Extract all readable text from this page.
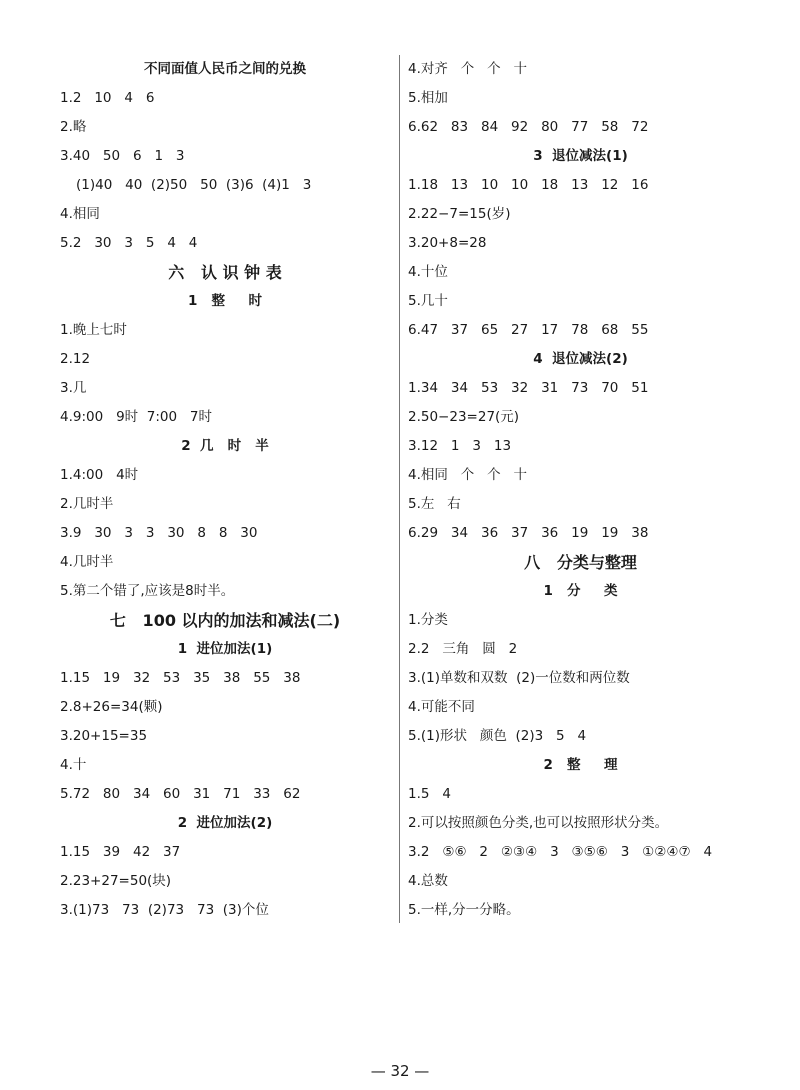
不同面值人民币之间的兑换
1.2   10   4   6
2.略
3.40   50   6   1   3
(1)40   40  (2)50   50  (3)6  (4)1   3
4.相同
5.2   30   3   5   4   4
六   认 识 钟 表
1   整     时
1.晚上七时
2.12
3.几
4.9:00   9时  7:00   7时
2  几   时   半
1.4:00   4时
2.几时半
3.9   30   3   3   30   8   8   30
4.几时半
5.第二个错了,应该是8时半。
七   100 以内的加法和减法(二)
1  进位加法(1)
1.15   19   32   53   35   38   55   38
2.8+26=34(颗)
3.20+15=35
4.十
5.72   80   34   60   31   71   33   62
2  进位加法(2)
1.15   39   42   37
2.23+27=50(块)
3.(1)73   73  (2)73   73  (3)个位
4.对齐   个   个   十
5.相加
6.62   83   84   92   80   77   58   72
3  退位减法(1)
1.18   13   10   10   18   13   12   16
2.22−7=15(岁)
3.20+8=28
4.十位
5.几十
6.47   37   65   27   17   78   68   55
4  退位减法(2)
1.34   34   53   32   31   73   70   51
2.50−23=27(元)
3.12   1   3   13
4.相同   个   个   十
5.左   右
6.29   34   36   37   36   19   19   38
八   分类与整理
1   分     类
1.分类
2.2   三角   圆   2
3.(1)单数和双数  (2)一位数和两位数
4.可能不同
5.(1)形状   颜色  (2)3   5   4
2   整     理
1.5   4
2.可以按照颜色分类,也可以按照形状分类。
3.2   ⑤⑥   2   ②③④   3   ③⑤⑥   3   ①②④⑦   4
4.总数
5.一样,分一分略。
— 32 —
